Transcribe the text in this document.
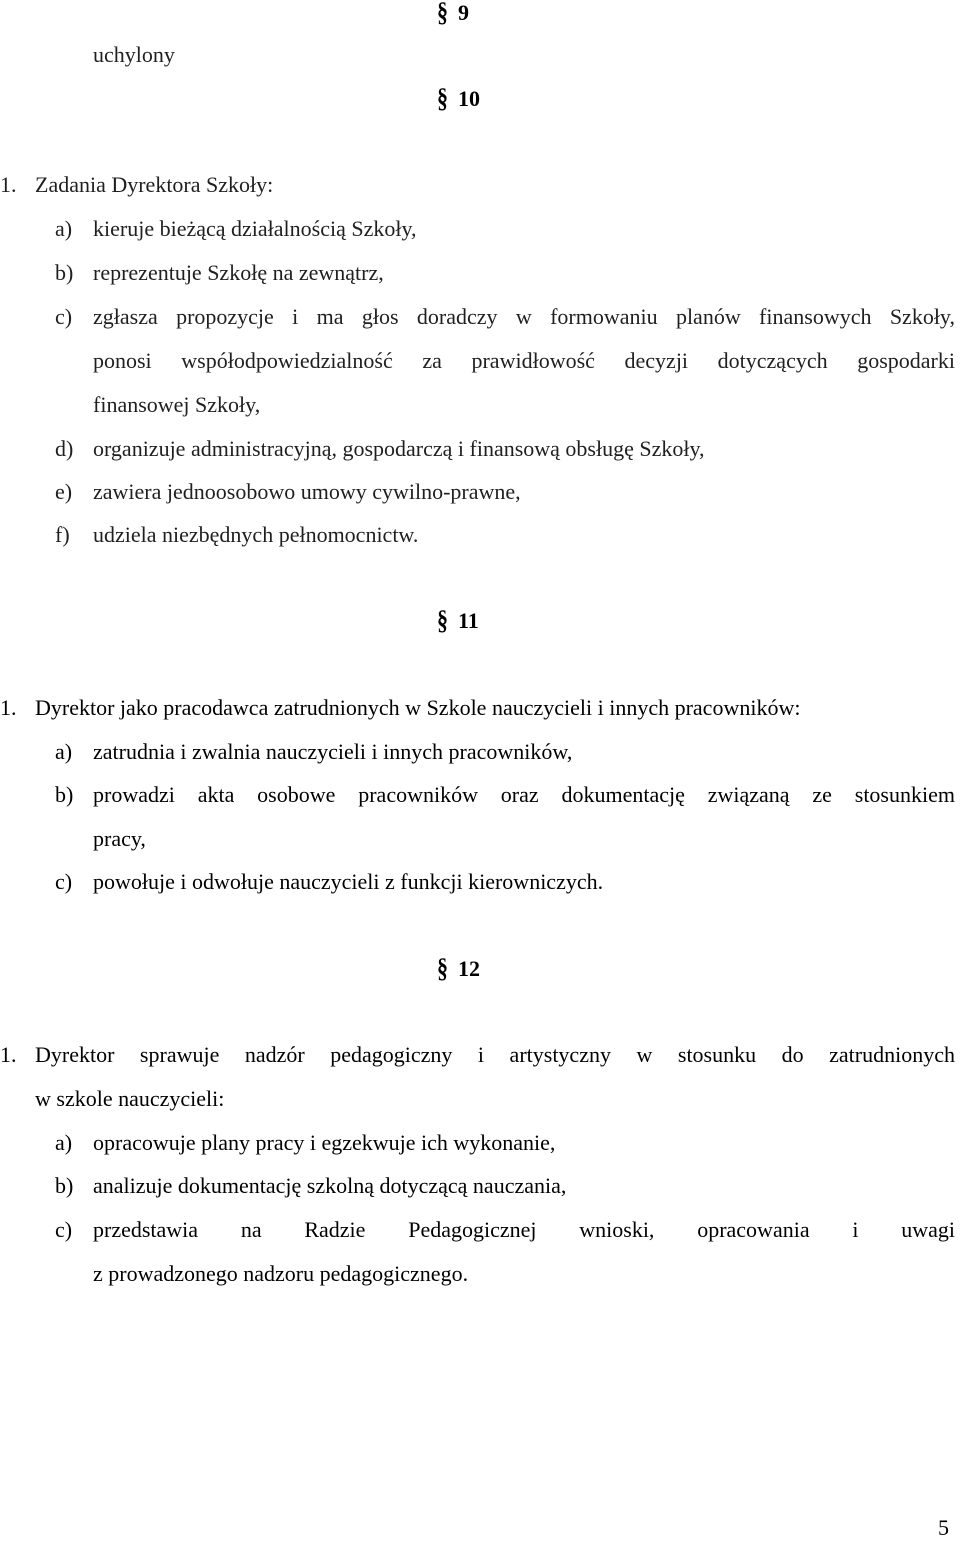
§ 9
uchylony
§ 10
1. Zadania Dyrektora Szkoły:
a) kieruje bieżącą działalnością Szkoły,
b) reprezentuje Szkołę na zewnątrz,
c) zgłasza propozycje i ma głos doradczy w formowaniu planów finansowych Szkoły,
ponosi współodpowiedzialność za prawidłowość decyzji dotyczących gospodarki
finansowej Szkoły,
d) organizuje administracyjną, gospodarczą i finansową obsługę Szkoły,
e) zawiera jednoosobowo umowy cywilno-prawne,
f) udziela niezbędnych pełnomocnictw.
§ 11
1. Dyrektor jako pracodawca zatrudnionych w Szkole nauczycieli i innych pracowników:
a) zatrudnia i zwalnia nauczycieli i innych pracowników,
b) prowadzi akta osobowe pracowników oraz dokumentację związaną ze stosunkiem
pracy,
c) powołuje i odwołuje nauczycieli z funkcji kierowniczych.
§ 12
1. Dyrektor sprawuje nadzór pedagogiczny i artystyczny w stosunku do zatrudnionych
w szkole nauczycieli:
a) opracowuje plany pracy i egzekwuje ich wykonanie,
b) analizuje dokumentację szkolną dotyczącą nauczania,
c) przedstawia na Radzie Pedagogicznej wnioski, opracowania i uwagi
z prowadzonego nadzoru pedagogicznego.
5
